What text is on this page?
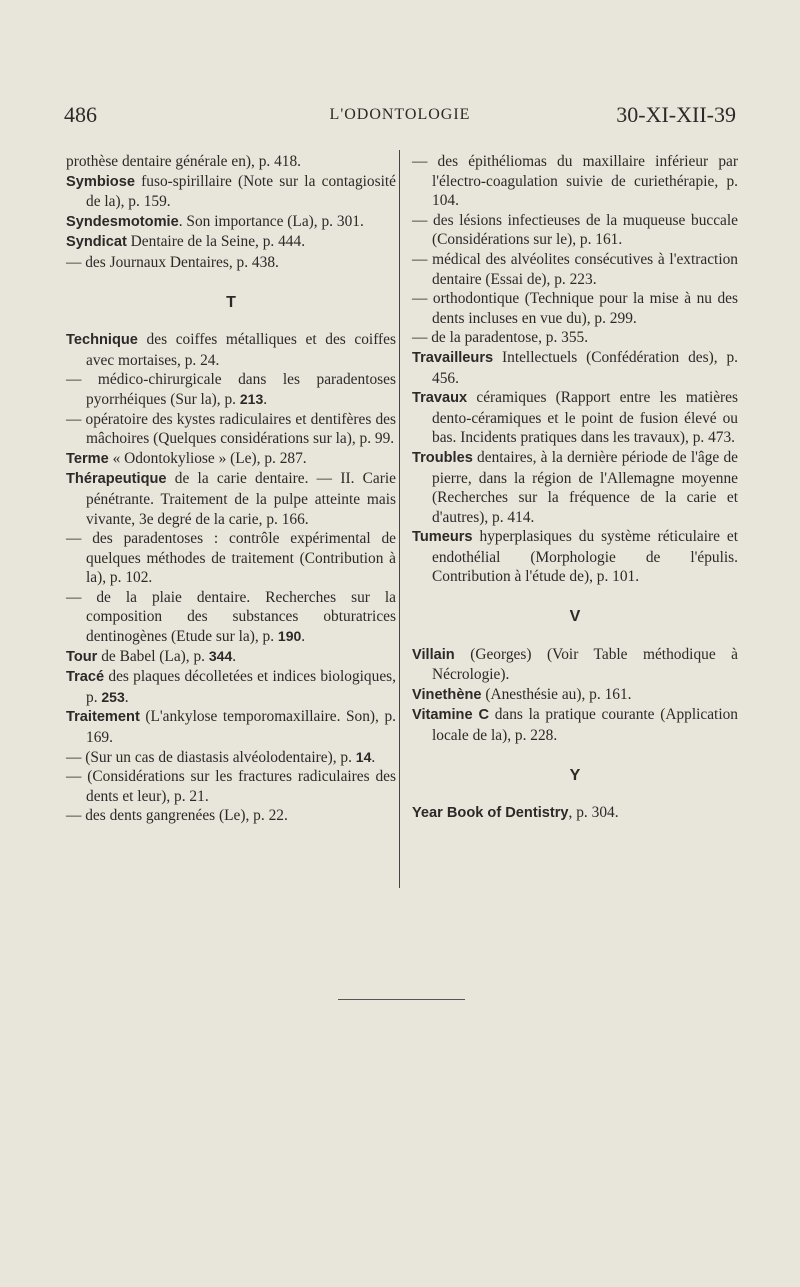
486	L'ODONTOLOGIE	30-XI-XII-39
prothèse dentaire générale en), p. 418.
Symbiose fuso-spirillaire (Note sur la contagiosité de la), p. 159.
Syndesmotomie. Son importance (La), p. 301.
Syndicat Dentaire de la Seine, p. 444.
— des Journaux Dentaires, p. 438.
T
Technique des coiffes métalliques et des coiffes avec mortaises, p. 24.
— médico-chirurgicale dans les paradentoses pyorrhéiques (Sur la), p. 213.
— opératoire des kystes radiculaires et dentifères des mâchoires (Quelques considérations sur la), p. 99.
Terme « Odontokyliose » (Le), p. 287.
Thérapeutique de la carie dentaire. — II. Carie pénétrante. Traitement de la pulpe atteinte mais vivante, 3e degré de la carie, p. 166.
— des paradentoses : contrôle expérimental de quelques méthodes de traitement (Contribution à la), p. 102.
— de la plaie dentaire. Recherches sur la composition des substances obturatrices dentinogènes (Etude sur la), p. 190.
Tour de Babel (La), p. 344.
Tracé des plaques décolletées et indices biologiques, p. 253.
Traitement (L'ankylose temporomaxillaire. Son), p. 169.
— (Sur un cas de diastasis alvéolodentaire), p. 14.
— (Considérations sur les fractures radiculaires des dents et leur), p. 21.
— des dents gangrenées (Le), p. 22.
— des épithéliomas du maxillaire inférieur par l'électro-coagulation suivie de curiethérapie, p. 104.
— des lésions infectieuses de la muqueuse buccale (Considérations sur le), p. 161.
— médical des alvéolites consécutives à l'extraction dentaire (Essai de), p. 223.
— orthodontique (Technique pour la mise à nu des dents incluses en vue du), p. 299.
— de la paradentose, p. 355.
Travailleurs Intellectuels (Confédération des), p. 456.
Travaux céramiques (Rapport entre les matières dento-céramiques et le point de fusion élevé ou bas. Incidents pratiques dans les travaux), p. 473.
Troubles dentaires, à la dernière période de l'âge de pierre, dans la région de l'Allemagne moyenne (Recherches sur la fréquence de la carie et d'autres), p. 414.
Tumeurs hyperplasiques du système réticulaire et endothélial (Morphologie de l'épulis. Contribution à l'étude de), p. 101.
V
Villain (Georges) (Voir Table méthodique à Nécrologie).
Vinethène (Anesthésie au), p. 161.
Vitamine C dans la pratique courante (Application locale de la), p. 228.
Y
Year Book of Dentistry, p. 304.
